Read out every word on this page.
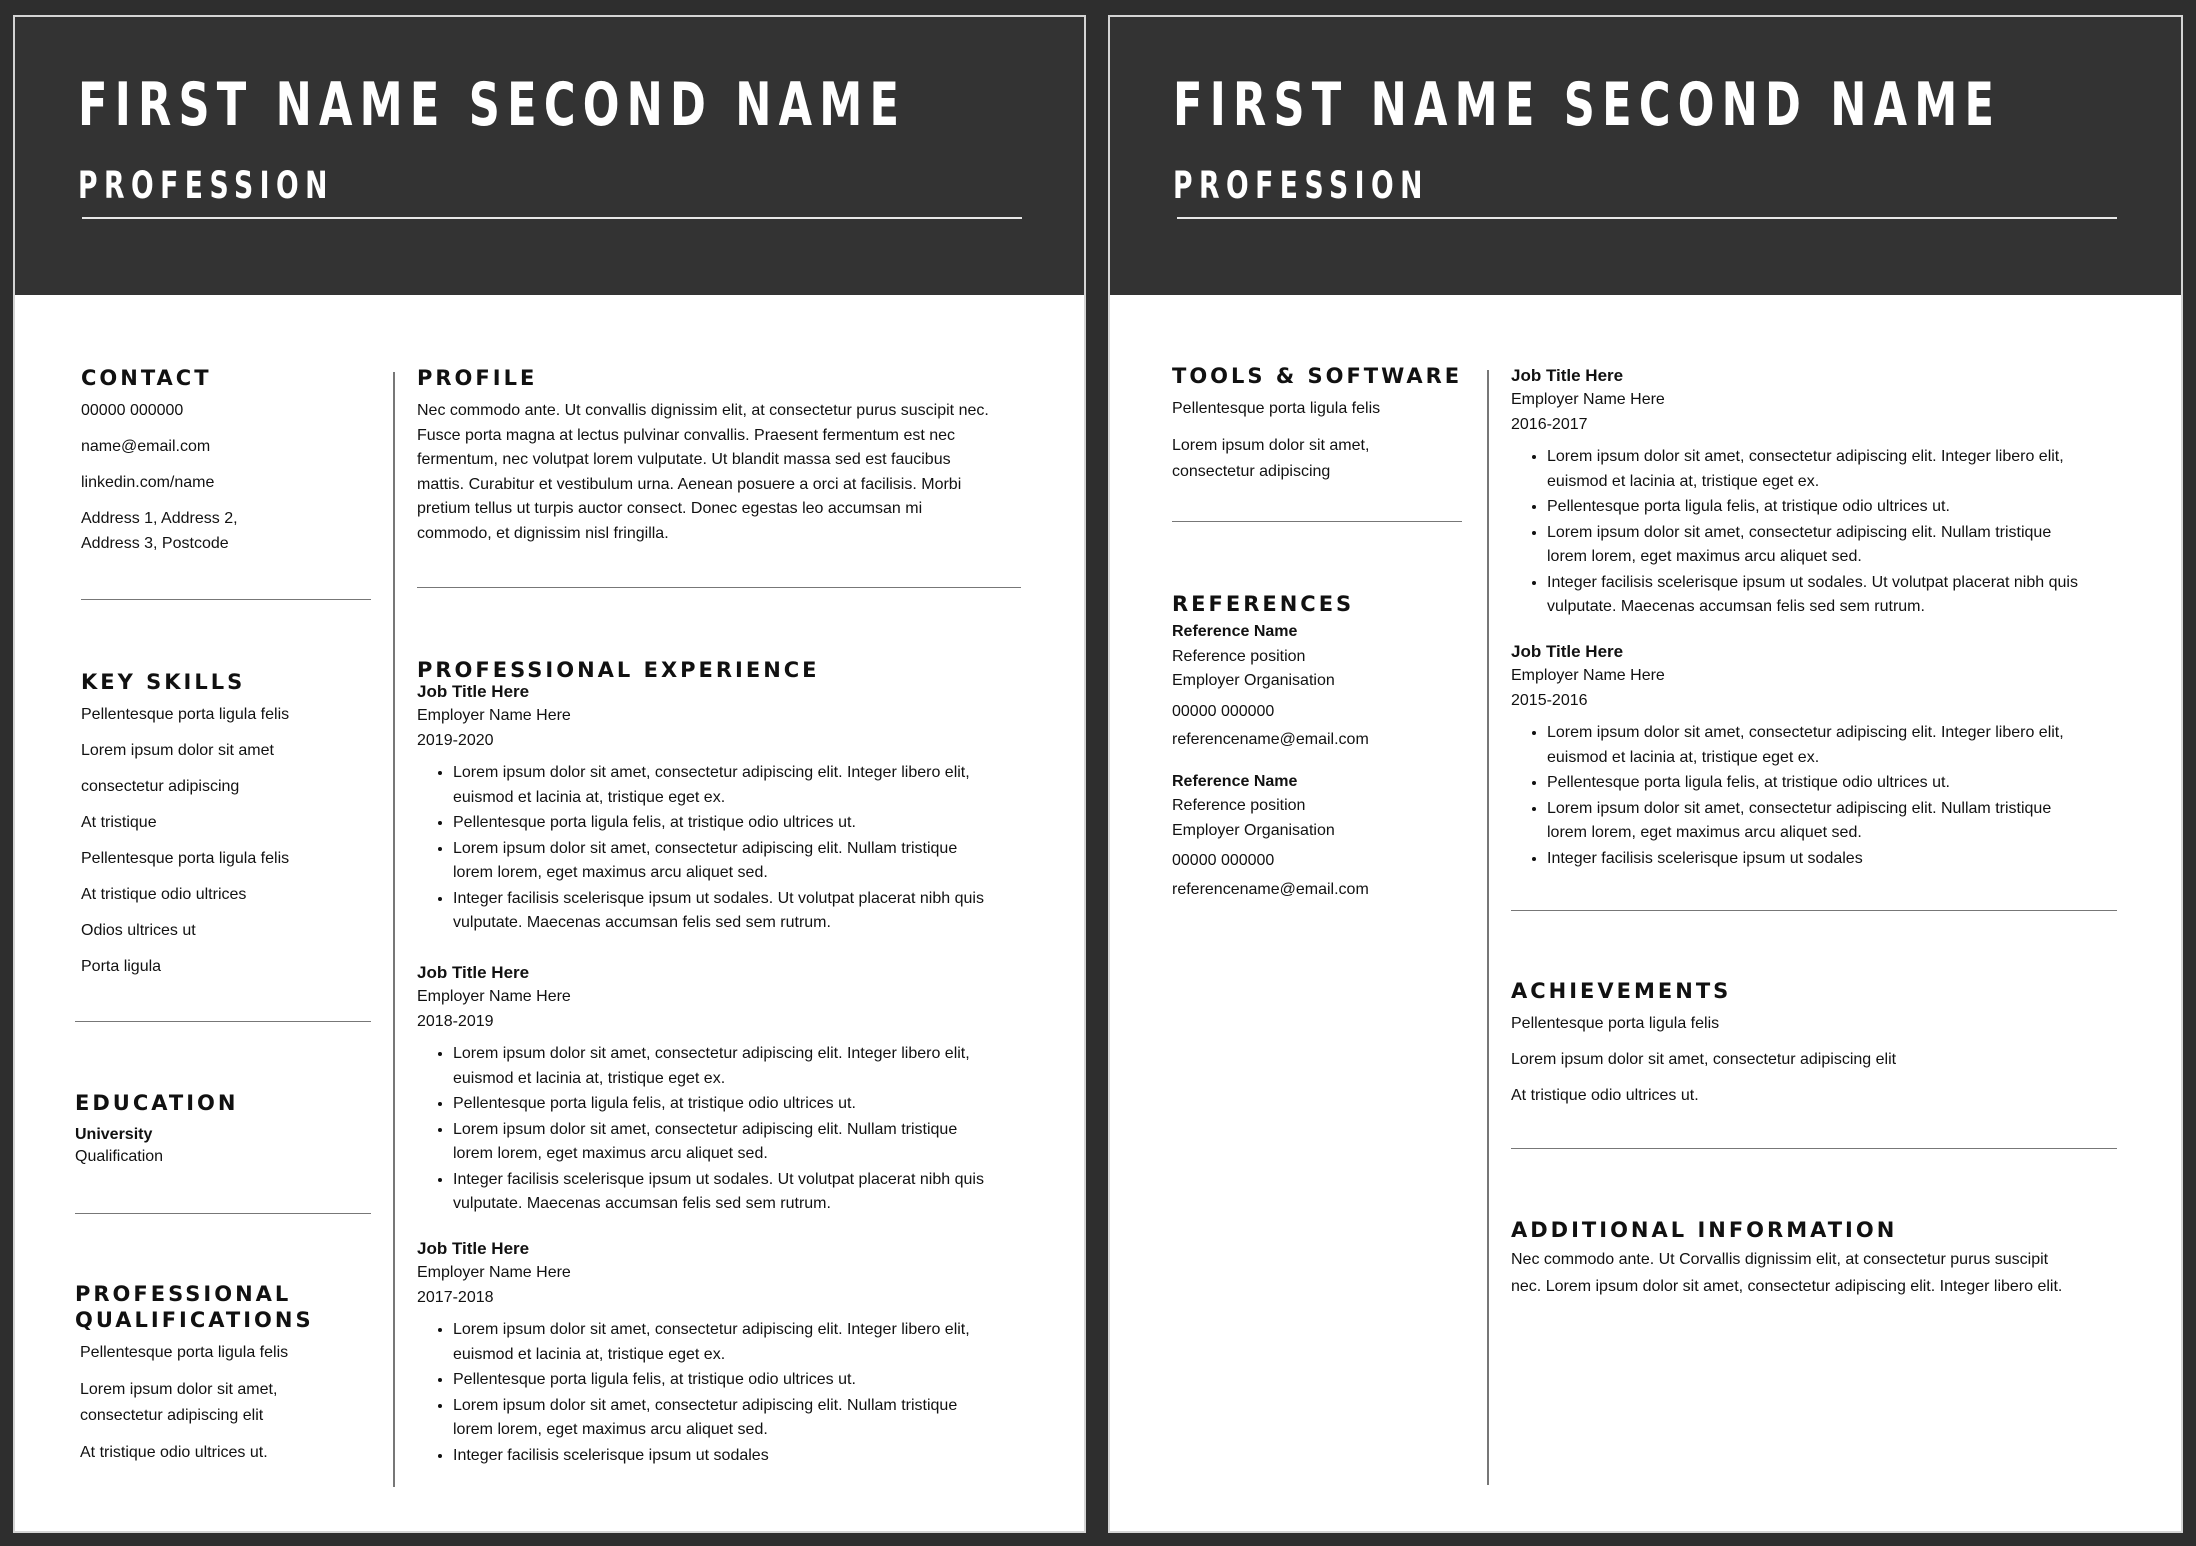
FIRST NAME SECOND NAME
PROFESSION
CONTACT
00000 000000
name@email.com
linkedin.com/name
Address 1, Address 2,
Address 3, Postcode
KEY SKILLS
Pellentesque porta ligula felis
Lorem ipsum dolor sit amet
consectetur adipiscing
At tristique
Pellentesque porta ligula felis
At tristique odio ultrices
Odios ultrices ut
Porta ligula
EDUCATION
University
Qualification
PROFESSIONAL
QUALIFICATIONS
Pellentesque porta ligula felis
Lorem ipsum dolor sit amet,
consectetur adipiscing elit
At tristique odio ultrices ut.
PROFILE
Nec commodo ante. Ut convallis dignissim elit, at consectetur purus suscipit nec.
Fusce porta magna at lectus pulvinar convallis. Praesent fermentum est nec
fermentum, nec volutpat lorem vulputate. Ut blandit massa sed est faucibus
mattis. Curabitur et vestibulum urna. Aenean posuere a orci at facilisis. Morbi
pretium tellus ut turpis auctor consect. Donec egestas leo accumsan mi
commodo, et dignissim nisl fringilla.
PROFESSIONAL EXPERIENCE
Job Title Here
Employer Name Here
2019-2020
• Lorem ipsum dolor sit amet, consectetur adipiscing elit. Integer libero elit,
euismod et lacinia at, tristique eget ex.
• Pellentesque porta ligula felis, at tristique odio ultrices ut.
• Lorem ipsum dolor sit amet, consectetur adipiscing elit. Nullam tristique
lorem lorem, eget maximus arcu aliquet sed.
• Integer facilisis scelerisque ipsum ut sodales. Ut volutpat placerat nibh quis
vulputate. Maecenas accumsan felis sed sem rutrum.
Job Title Here
Employer Name Here
2018-2019
• Lorem ipsum dolor sit amet, consectetur adipiscing elit. Integer libero elit,
euismod et lacinia at, tristique eget ex.
• Pellentesque porta ligula felis, at tristique odio ultrices ut.
• Lorem ipsum dolor sit amet, consectetur adipiscing elit. Nullam tristique
lorem lorem, eget maximus arcu aliquet sed.
• Integer facilisis scelerisque ipsum ut sodales. Ut volutpat placerat nibh quis
vulputate. Maecenas accumsan felis sed sem rutrum.
Job Title Here
Employer Name Here
2017-2018
• Lorem ipsum dolor sit amet, consectetur adipiscing elit. Integer libero elit,
euismod et lacinia at, tristique eget ex.
• Pellentesque porta ligula felis, at tristique odio ultrices ut.
• Lorem ipsum dolor sit amet, consectetur adipiscing elit. Nullam tristique
lorem lorem, eget maximus arcu aliquet sed.
• Integer facilisis scelerisque ipsum ut sodales
FIRST NAME SECOND NAME
PROFESSION
TOOLS & SOFTWARE
Pellentesque porta ligula felis
Lorem ipsum dolor sit amet,
consectetur adipiscing
REFERENCES
Reference Name
Reference position
Employer Organisation
00000 000000
referencename@email.com
Reference Name
Reference position
Employer Organisation
00000 000000
referencename@email.com
Job Title Here
Employer Name Here
2016-2017
• Lorem ipsum dolor sit amet, consectetur adipiscing elit. Integer libero elit,
euismod et lacinia at, tristique eget ex.
• Pellentesque porta ligula felis, at tristique odio ultrices ut.
• Lorem ipsum dolor sit amet, consectetur adipiscing elit. Nullam tristique
lorem lorem, eget maximus arcu aliquet sed.
• Integer facilisis scelerisque ipsum ut sodales. Ut volutpat placerat nibh quis
vulputate. Maecenas accumsan felis sed sem rutrum.
Job Title Here
Employer Name Here
2015-2016
• Lorem ipsum dolor sit amet, consectetur adipiscing elit. Integer libero elit,
euismod et lacinia at, tristique eget ex.
• Pellentesque porta ligula felis, at tristique odio ultrices ut.
• Lorem ipsum dolor sit amet, consectetur adipiscing elit. Nullam tristique
lorem lorem, eget maximus arcu aliquet sed.
• Integer facilisis scelerisque ipsum ut sodales
ACHIEVEMENTS
Pellentesque porta ligula felis
Lorem ipsum dolor sit amet, consectetur adipiscing elit
At tristique odio ultrices ut.
ADDITIONAL INFORMATION
Nec commodo ante. Ut Corvallis dignissim elit, at consectetur purus suscipit
nec. Lorem ipsum dolor sit amet, consectetur adipiscing elit. Integer libero elit.
